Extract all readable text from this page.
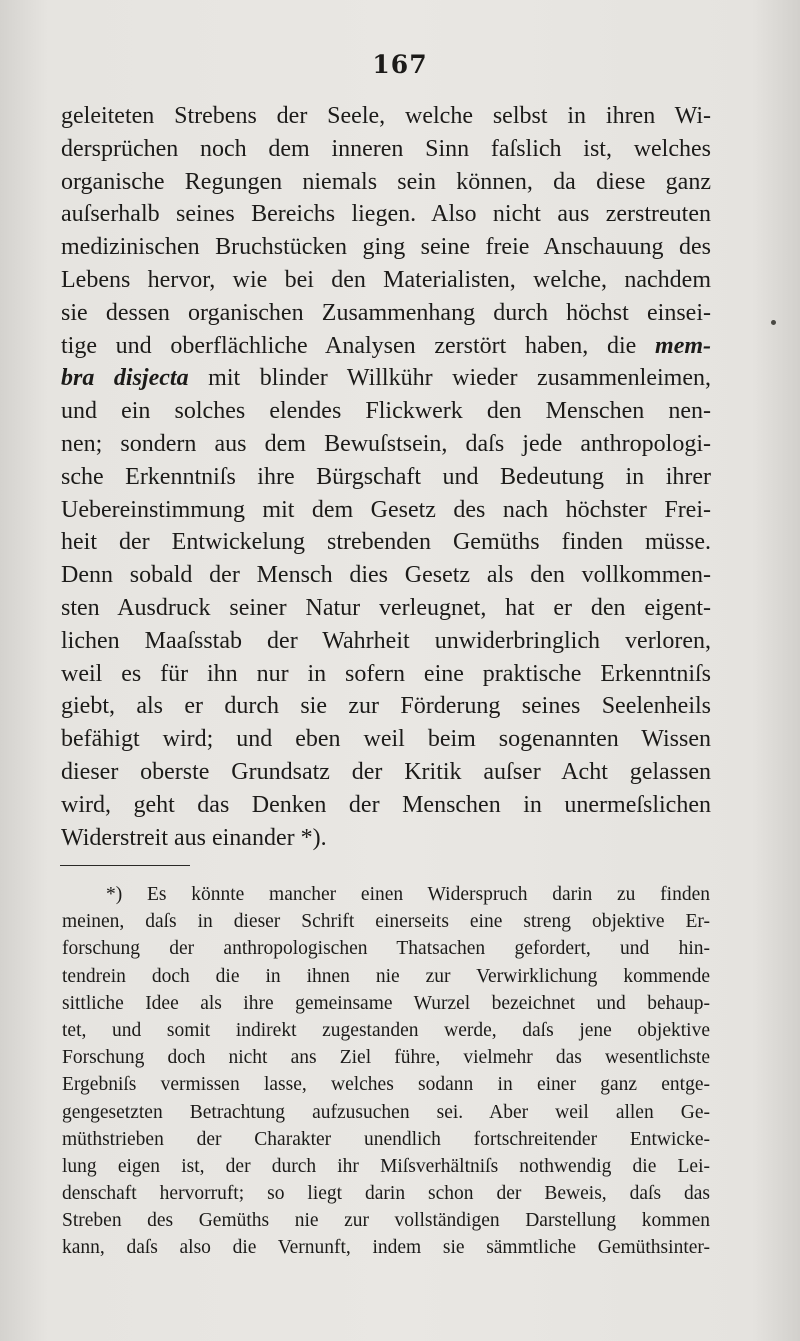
167
geleiteten Strebens der Seele, welche selbst in ihren Wi-
dersprüchen noch dem inneren Sinn faſslich ist, welches
organische Regungen niemals sein können, da diese ganz
auſserhalb seines Bereichs liegen. Also nicht aus zerstreuten
medizinischen Bruchstücken ging seine freie Anschauung des
Lebens hervor, wie bei den Materialisten, welche, nachdem
sie dessen organischen Zusammenhang durch höchst einsei-
tige und oberflächliche Analysen zerstört haben, die mem-
bra disjecta mit blinder Willkühr wieder zusammenleimen,
und ein solches elendes Flickwerk den Menschen nen-
nen; sondern aus dem Bewuſstsein, daſs jede anthropologi-
sche Erkenntniſs ihre Bürgschaft und Bedeutung in ihrer
Uebereinstimmung mit dem Gesetz des nach höchster Frei-
heit der Entwickelung strebenden Gemüths finden müsse.
Denn sobald der Mensch dies Gesetz als den vollkommen-
sten Ausdruck seiner Natur verleugnet, hat er den eigent-
lichen Maaſsstab der Wahrheit unwiderbringlich verloren,
weil es für ihn nur in sofern eine praktische Erkenntniſs
giebt, als er durch sie zur Förderung seines Seelenheils
befähigt wird; und eben weil beim sogenannten Wissen
dieser oberste Grundsatz der Kritik auſser Acht gelassen
wird, geht das Denken der Menschen in unermeſslichen
Widerstreit aus einander *).
*) Es könnte mancher einen Widerspruch darin zu finden
meinen, daſs in dieser Schrift einerseits eine streng objektive Er-
forschung der anthropologischen Thatsachen gefordert, und hin-
tendrein doch die in ihnen nie zur Verwirklichung kommende
sittliche Idee als ihre gemeinsame Wurzel bezeichnet und behaup-
tet, und somit indirekt zugestanden werde, daſs jene objektive
Forschung doch nicht ans Ziel führe, vielmehr das wesentlichste
Ergebniſs vermissen lasse, welches sodann in einer ganz entge-
gengesetzten Betrachtung aufzusuchen sei. Aber weil allen Ge-
müthstrieben der Charakter unendlich fortschreitender Entwicke-
lung eigen ist, der durch ihr Miſsverhältniſs nothwendig die Lei-
denschaft hervorruft; so liegt darin schon der Beweis, daſs das
Streben des Gemüths nie zur vollständigen Darstellung kommen
kann, daſs also die Vernunft, indem sie sämmtliche Gemüthsinter-
